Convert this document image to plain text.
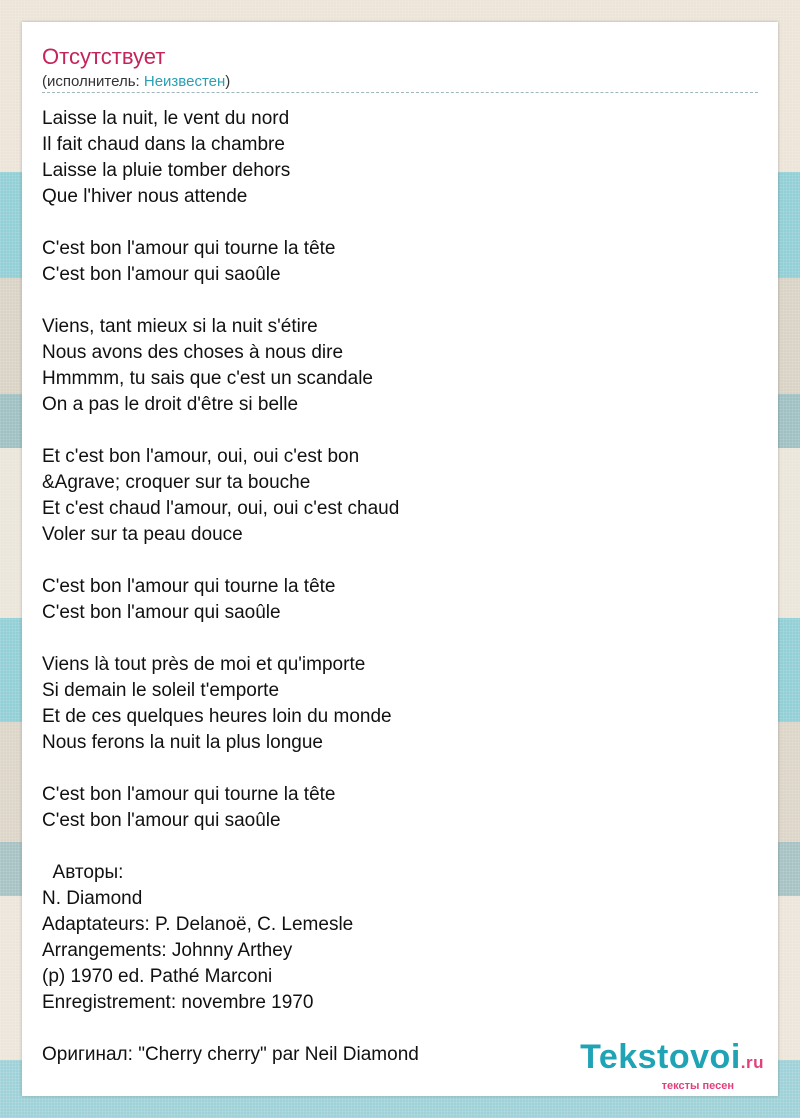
Отсутствует
(исполнитель: Неизвестен)
Laisse la nuit, le vent du nord
Il fait chaud dans la chambre
Laisse la pluie tomber dehors
Que l'hiver nous attende

C'est bon l'amour qui tourne la tête
C'est bon l'amour qui saoûle

Viens, tant mieux si la nuit s'étire
Nous avons des choses à nous dire
Hmmmm, tu sais que c'est un scandale
On a pas le droit d'être si belle

Et c'est bon l'amour, oui, oui c'est bon
&Agrave; croquer sur ta bouche
Et c'est chaud l'amour, oui, oui c'est chaud
Voler sur ta peau douce

C'est bon l'amour qui tourne la tête
C'est bon l'amour qui saoûle

Viens là tout près de moi et qu'importe
Si demain le soleil t'emporte
Et de ces quelques heures loin du monde
Nous ferons la nuit la plus longue

C'est bon l'amour qui tourne la tête
C'est bon l'amour qui saoûle

Авторы:
N. Diamond
Adaptateurs: P. Delanoë, C. Lemesle
Arrangements: Johnny Arthey
(p) 1970 ed. Pathé Marconi
Enregistrement: novembre 1970

Оригинал: "Cherry cherry" par Neil Diamond	Tekstovoi.ru
тексты песен
